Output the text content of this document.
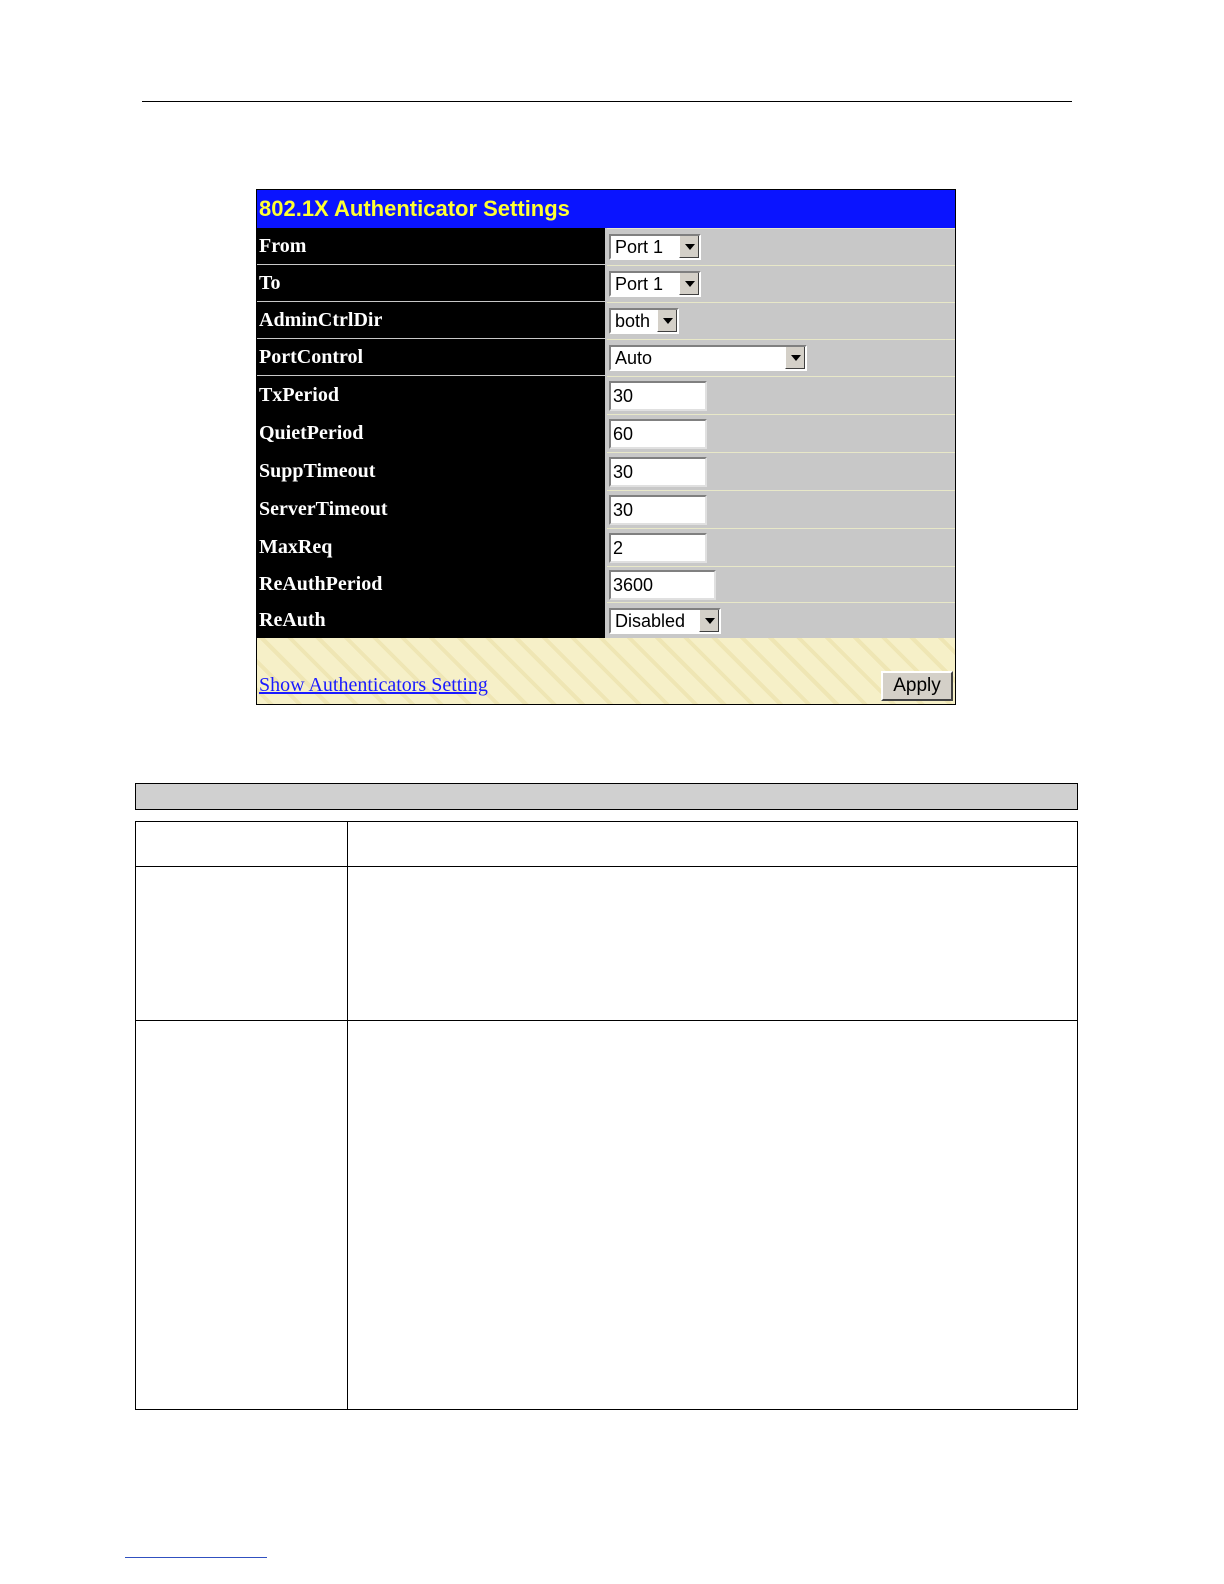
802.1X Authenticator Settings
From	Port 1
To	Port 1
AdminCtrlDir	both
PortControl	Auto
TxPeriod	30
QuietPeriod	60
SuppTimeout	30
ServerTimeout	30
MaxReq	2
ReAuthPeriod	3600
ReAuth	Disabled
Show Authenticators Setting	Apply
